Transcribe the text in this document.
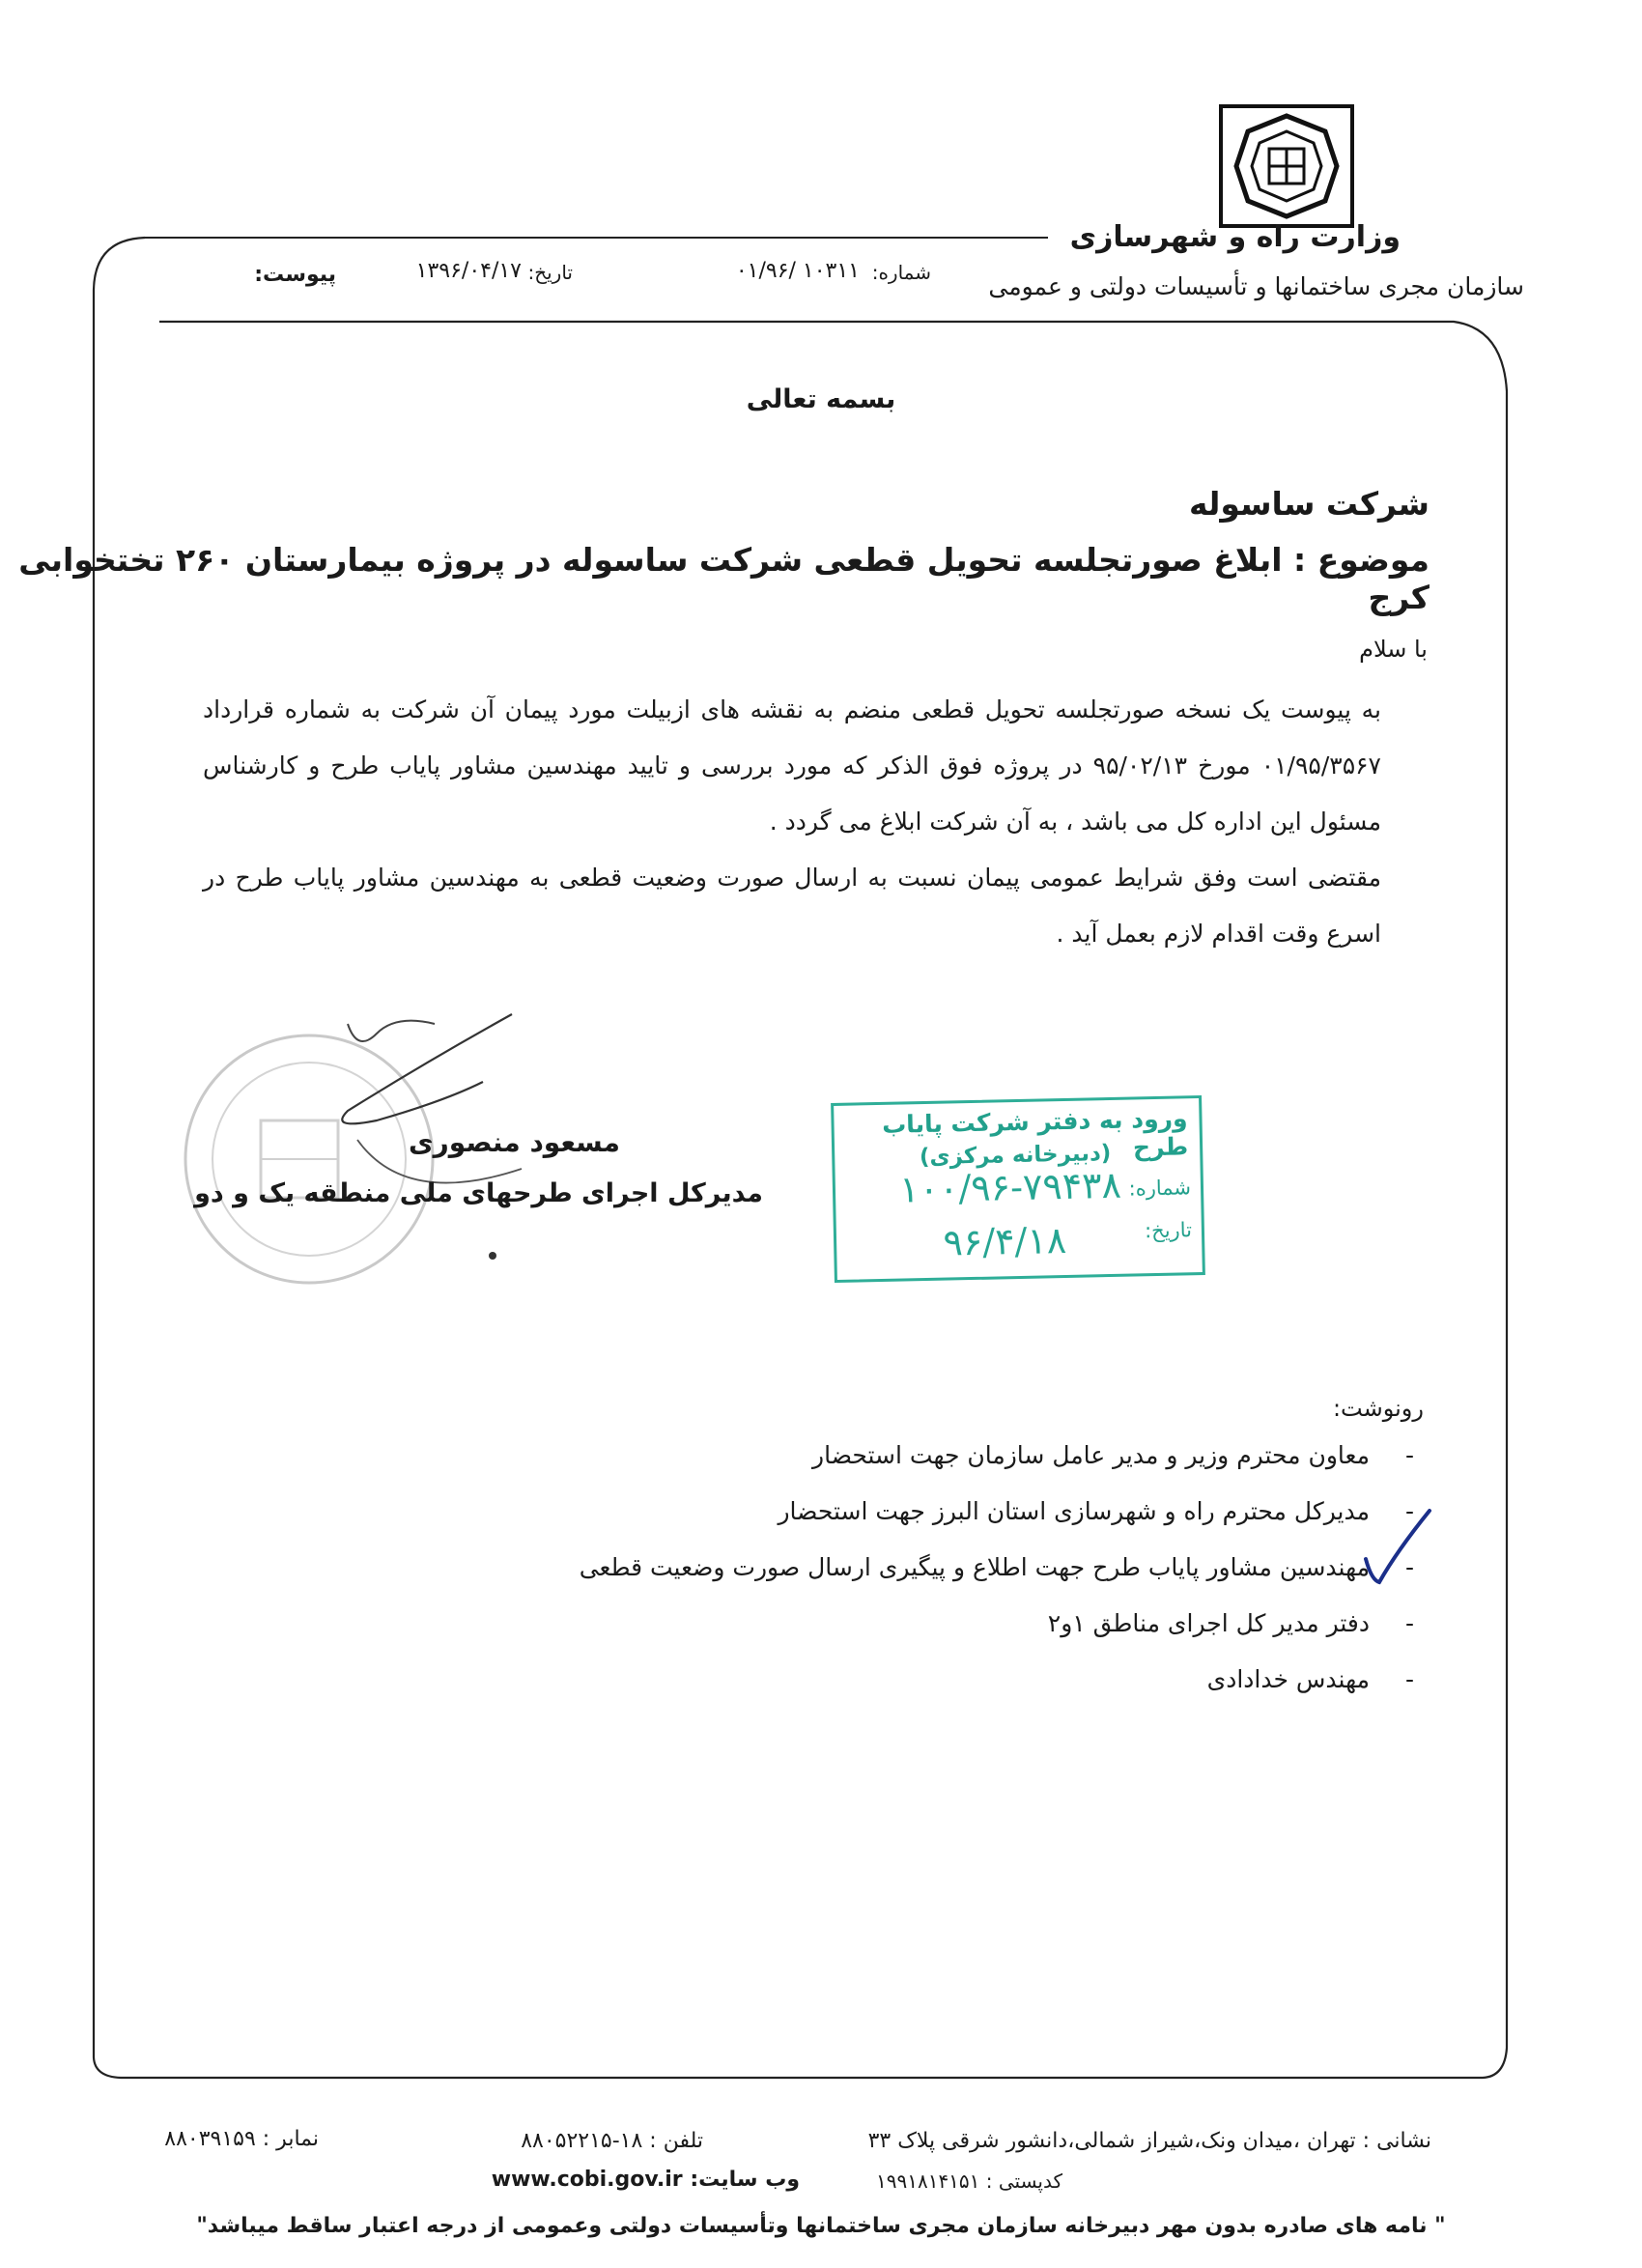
وزارت راه و شهرسازی
سازمان مجری ساختمانها و تأسیسات دولتی و عمومی
شماره:
۰۱/۹۶/ ۱۰۳۱۱
تاریخ:
۱۳۹۶/۰۴/۱۷
پیوست:
بسمه تعالی
شرکت ساسوله
موضوع : ابلاغ صورتجلسه تحویل قطعی شرکت ساسوله در پروژه بیمارستان ۲۶۰ تختخوابی کرج
با سلام

به پیوست یک نسخه صورتجلسه تحویل قطعی منضم به نقشه های ازبیلت مورد پیمان آن شرکت به شماره قرارداد ۰۱/۹۵/۳۵۶۷ مورخ ۹۵/۰۲/۱۳ در پروژه فوق الذکر که مورد بررسی و تایید مهندسین مشاور پایاب طرح و کارشناس مسئول این اداره کل می باشد ، به آن شرکت ابلاغ می گردد .

مقتضی است وفق شرایط عمومی پیمان نسبت به ارسال صورت وضعیت قطعی به مهندسین مشاور پایاب طرح در اسرع وقت اقدام لازم بعمل آید .

مسعود منصوری
مدیرکل اجرای طرحهای ملی منطقه یک و دو
ورود به دفتر شرکت پایاب طرح
(دبیرخانه مرکزی)
شماره:
۱۰۰/۹۶-۷۹۴۳۸
تاریخ:
۹۶/۴/۱۸
رونوشت:
-
معاون محترم وزیر و مدیر عامل سازمان جهت استحضار
-
مدیرکل محترم راه و شهرسازی استان البرز جهت استحضار
-
مهندسین مشاور پایاب طرح جهت اطلاع و پیگیری ارسال صورت وضعیت قطعی
-
دفتر مدیر کل اجرای مناطق ۱و۲
-
مهندس خدادادی
نشانی : تهران ،میدان ونک،شیراز شمالی،دانشور شرقی پلاک ۳۳
کدپستی : ۱۹۹۱۸۱۴۱۵۱
تلفن : ۱۸-۸۸۰۵۲۲۱۵
وب سایت: www.cobi.gov.ir
نمابر : ۸۸۰۳۹۱۵۹
" نامه های صادره بدون مهر دبیرخانه سازمان مجری ساختمانها وتأسیسات دولتی وعمومی از درجه اعتبار ساقط میباشد"
